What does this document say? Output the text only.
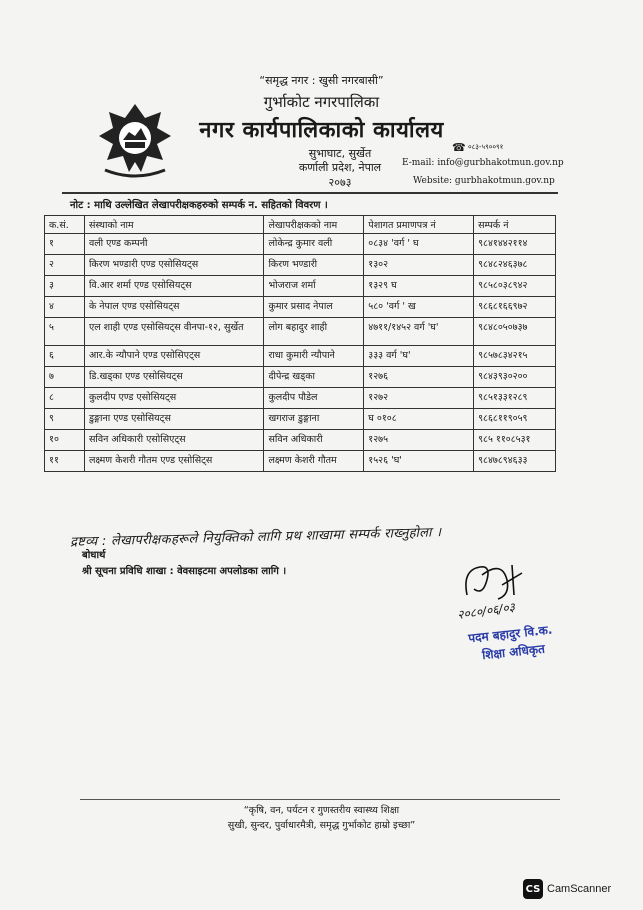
“समृद्ध नगर : खुसी नगरबासी”
गुर्भाकोट नगरपालिका
नगर कार्यपालिकाको कार्यालय
सुभाघाट, सुर्खेत
कर्णाली प्रदेश, नेपाल
२०७३
☎ ०८३-५९००९१
E-mail: info@gurbhakotmun.gov.np
Website: gurbhakotmun.gov.np
नोट : माथि उल्लेखित लेखापरीक्षकहरुको सम्पर्क न. सहितको विवरण ।
क.सं.	संस्थाको नाम	लेखापरीक्षकको नाम	पेशागत प्रमाणपत्र नं	सम्पर्क नं
१	वली एण्ड कम्पनी	लोकेन्द्र कुमार वली	०८३४ 'वर्ग ' घ	९८४१४४२११४
२	किरण भण्डारी एण्ड एसोसियट्स	किरण भण्डारी	१३०२	९८४८२४६३७८
३	वि.आर शर्मा एण्ड एसोसियट्स	भोजराज शर्मा	१३२९ घ	९८५८०३८९४२
४	के नेपाल एण्ड एसोसियट्स	कुमार प्रसाद नेपाल	५८० 'वर्ग ' ख	९८६८१६६९७२
५	एल शाही एण्ड एसोसियट्स वीनपा-१२, सुर्खेत	लोग बहादुर शाही	४७११/१४५२ वर्ग 'घ'	९८४८०५०७३७
६	आर.के न्यौपाने एण्ड एसोसिएट्स	राधा कुमारी न्यौपाने	३३३ वर्ग 'घ'	९८५७८३४२१५
७	डि.खड्का एण्ड एसोसियट्स	दीपेन्द्र खड्का	१२७६	९८४३९३०२००
८	कुलदीप एण्ड एसोसियट्स	कुलदीप पौडेल	१२७२	९८५१३३१२८९
९	डुङ्गाना एण्ड एसोसियट्स	खगराज डुङ्गाना	घ ०१०८	९८६८११९०५९
१०	सविन अधिकारी एसोसिएट्स	सविन अधिकारी	१२७५	९८५ ११०८५३१
११	लक्ष्मण केशरी गौतम एण्ड एसोसिट्स	लक्ष्मण केशरी गौतम	१५२६ 'घ'	९८४७८९४६३३
द्रष्टव्य : लेखापरीक्षकहरूले नियुक्तिको लागि प्रथ शाखामा सम्पर्क राख्नुहोला ।
बोधार्थ
श्री सूचना प्रविधि शाखा : वेवसाइटमा अपलोडका लागि ।
२०८०/०६/०३
पदम बहादुर वि.क.
शिक्षा अधिकृत
“कृषि, वन, पर्यटन र गुणस्तरीय स्वास्थ्य शिक्षा
सुखी, सुन्दर, पुर्वाधारमैत्री, समृद्ध गुर्भाकोट हाम्रो इच्छा”
CS CamScanner
